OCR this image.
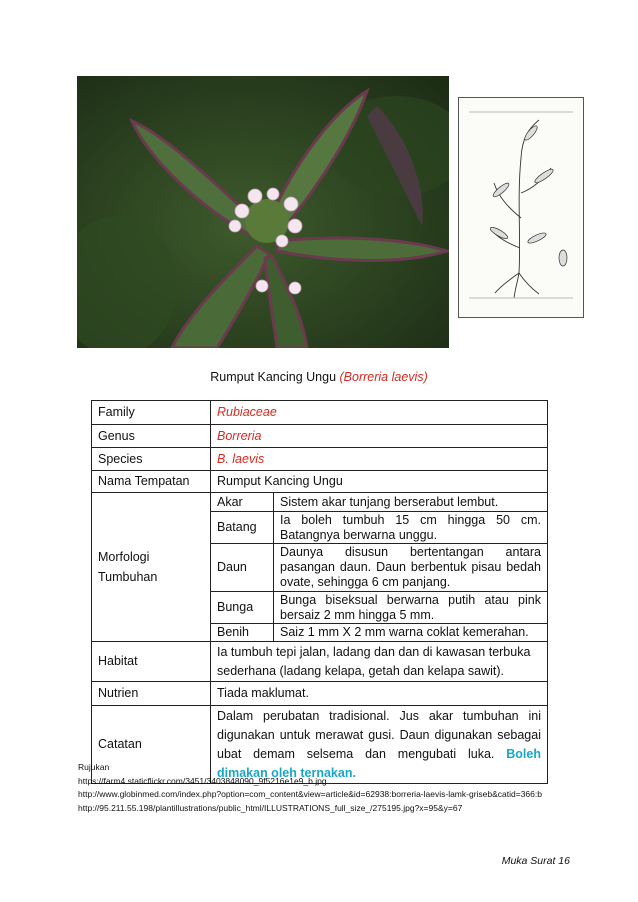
Rumput Kancing Ungu (Borreria laevis)
Family	Rubiaceae	
Genus	Borreria	
Species	B. laevis	
Nama Tempatan	Rumput Kancing Ungu	
Morfologi Tumbuhan	Akar	Sistem akar tunjang berserabut lembut.
	Batang	Ia boleh tumbuh 15 cm hingga 50 cm. Batangnya berwarna unggu.
	Daun	Daunya disusun bertentangan antara pasangan daun. Daun berbentuk pisau bedah ovate, sehingga 6 cm panjang.
	Bunga	Bunga biseksual berwarna putih atau pink bersaiz 2 mm hingga 5 mm.
	Benih	Saiz 1 mm X 2 mm warna coklat kemerahan.
Habitat	Ia tumbuh tepi jalan, ladang dan dan di kawasan terbuka sederhana (ladang kelapa, getah dan kelapa sawit).	
Nutrien	Tiada maklumat.	
Catatan	Dalam perubatan tradisional. Jus akar tumbuhan ini digunakan untuk merawat gusi. Daun digunakan sebagai ubat demam selsema dan mengubati luka. Boleh dimakan oleh ternakan.	
Rujukan
https://farm4.staticflickr.com/3451/3403848090_9f5216e1e9_b.jpg
http://www.globinmed.com/index.php?option=com_content&view=article&id=62938:borreria-laevis-lamk-griseb&catid=366:b
http://95.211.55.198/plantillustrations/public_html/ILLUSTRATIONS_full_size_/275195.jpg?x=95&y=67
Muka Surat 16
